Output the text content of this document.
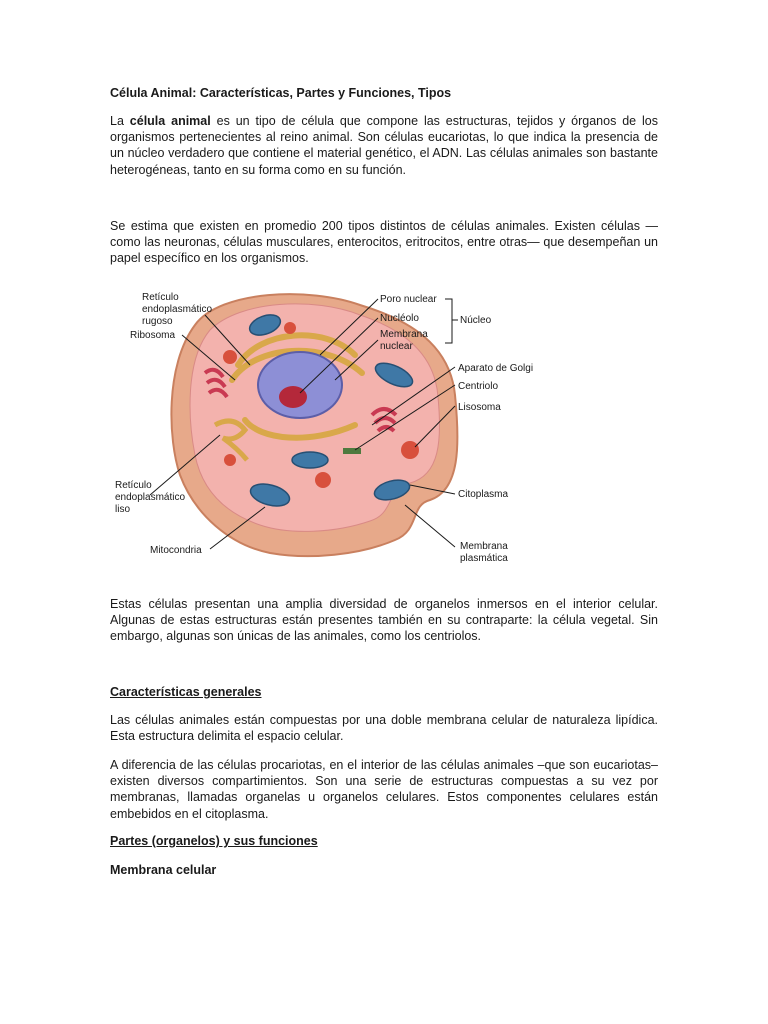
Célula Animal: Características, Partes y Funciones, Tipos

La célula animal es un tipo de célula que compone las estructuras, tejidos y órganos de los organismos pertenecientes al reino animal. Son células eucariotas, lo que indica la presencia de un núcleo verdadero que contiene el material genético, el ADN. Las células animales son bastante heterogéneas, tanto en su forma como en su función.

Se estima que existen en promedio 200 tipos distintos de células animales. Existen células — como las neuronas, células musculares, enterocitos, eritrocitos, entre otras— que desempeñan un papel específico en los organismos.

Retículo
endoplasmático
rugoso
Ribosoma
Poro nuclear
Nucléolo
Membrana
nuclear
Núcleo
Aparato de Golgi
Centriolo
Lisosoma
Retículo
endoplasmático
liso
Citoplasma
Mitocondria	Membrana
plasmática

Estas células presentan una amplia diversidad de organelos inmersos en el interior celular. Algunas de estas estructuras están presentes también en su contraparte: la célula vegetal. Sin embargo, algunas son únicas de las animales, como los centriolos.

Características generales

Las células animales están compuestas por una doble membrana celular de naturaleza lipídica. Esta estructura delimita el espacio celular.

A diferencia de las células procariotas, en el interior de las células animales –que son eucariotas– existen diversos compartimientos. Son una serie de estructuras compuestas a su vez por membranas, llamadas organelas u organelos celulares. Estos componentes celulares están embebidos en el citoplasma.

Partes (organelos) y sus funciones
Membrana celular
